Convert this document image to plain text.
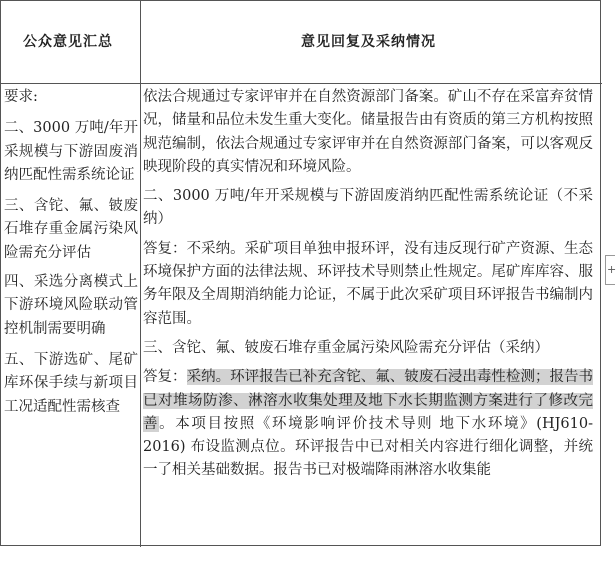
公众意见汇总	意见回复及采纳情况

要求:

二、3000 万吨/年开采规模与下游固废消纳匹配性需系统论证

三、含铊、氟、铍废石堆存重金属污染风险需充分评估

四、采选分离模式上下游环境风险联动管控机制需要明确

五、下游选矿、尾矿库环保手续与新项目工况适配性需核查

依法合规通过专家评审并在自然资源部门备案。矿山不存在采富弃贫情况，储量和品位未发生重大变化。储量报告由有资质的第三方机构按照规范编制，依法合规通过专家评审并在自然资源部门备案，可以客观反映现阶段的真实情况和环境风险。

二、3000 万吨/年开采规模与下游固废消纳匹配性需系统论证（不采纳）

答复：不采纳。采矿项目单独申报环评，没有违反现行矿产资源、生态环境保护方面的法律法规、环评技术导则禁止性规定。尾矿库库容、服务年限及全周期消纳能力论证，不属于此次采矿项目环评报告书编制内容范围。

三、含铊、氟、铍废石堆存重金属污染风险需充分评估（采纳）

答复：采纳。环评报告已补充含铊、氟、铍废石浸出毒性检测；报告书已对堆场防渗、淋溶水收集处理及地下水长期监测方案进行了修改完善。本项目按照《环境影响评价技术导则 地下水环境》(HJ610-2016) 布设监测点位。环评报告中已对相关内容进行细化调整，并统一了相关基础数据。报告书已对极端降雨淋溶水收集能

+
